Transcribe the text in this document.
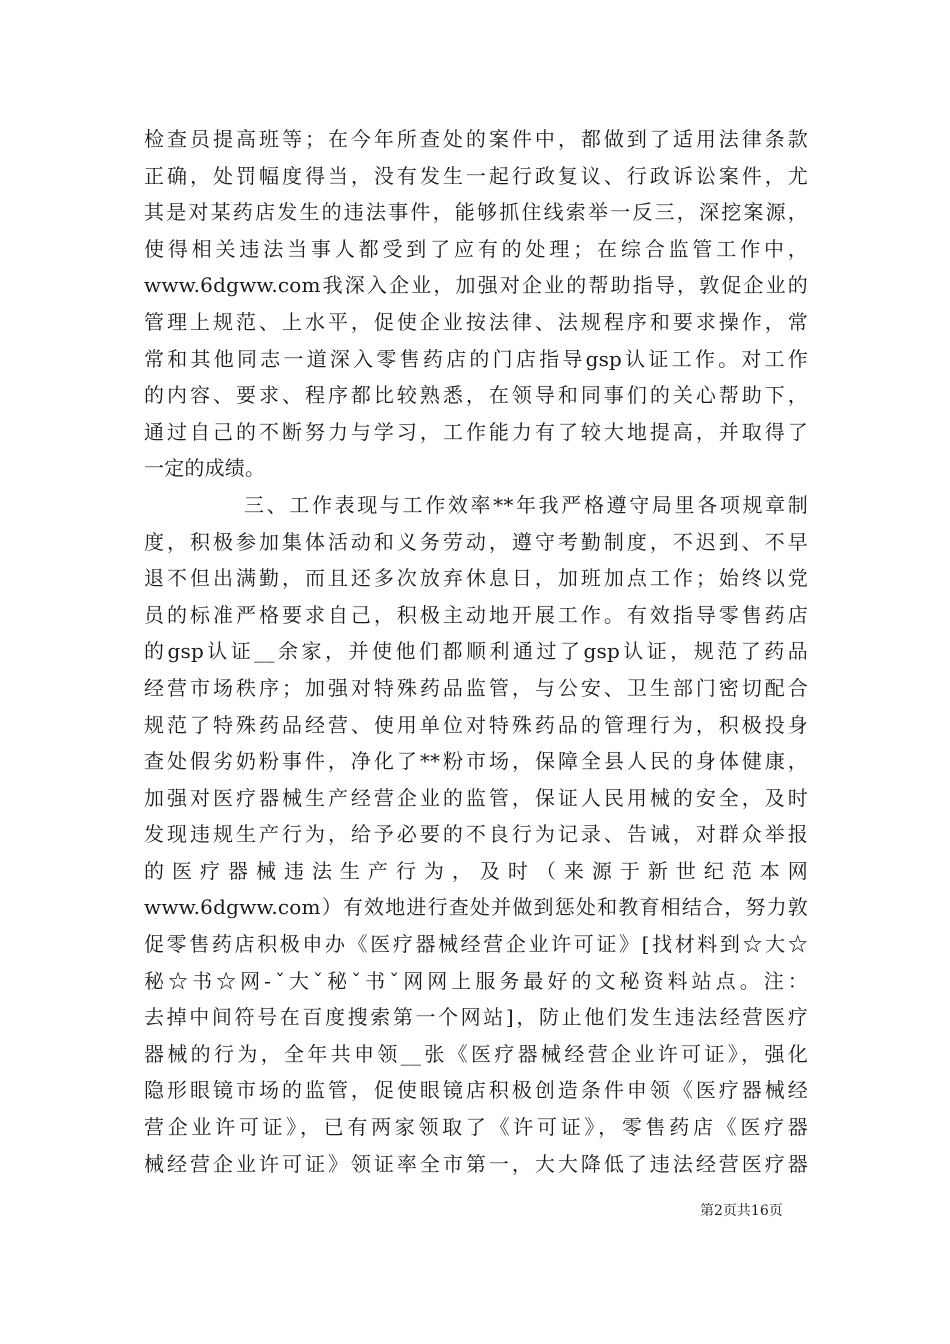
检查员提高班等；在今年所查处的案件中，都做到了适用法律条款
正确，处罚幅度得当，没有发生一起行政复议、行政诉讼案件，尤
其是对某药店发生的违法事件，能够抓住线索举一反三，深挖案源，
使得相关违法当事人都受到了应有的处理；在综合监管工作中，
www.6dgww.com我深入企业，加强对企业的帮助指导，敦促企业的
管理上规范、上水平，促使企业按法律、法规程序和要求操作，常
常和其他同志一道深入零售药店的门店指导gsp认证工作。对工作
的内容、要求、程序都比较熟悉，在领导和同事们的关心帮助下，
通过自己的不断努力与学习，工作能力有了较大地提高，并取得了
一定的成绩。
三、工作表现与工作效率**年我严格遵守局里各项规章制
度，积极参加集体活动和义务劳动，遵守考勤制度，不迟到、不早
退不但出满勤，而且还多次放弃休息日，加班加点工作；始终以党
员的标准严格要求自己，积极主动地开展工作。有效指导零售药店
的gsp认证__余家，并使他们都顺利通过了gsp认证，规范了药品
经营市场秩序；加强对特殊药品监管，与公安、卫生部门密切配合
规范了特殊药品经营、使用单位对特殊药品的管理行为，积极投身
查处假劣奶粉事件，净化了**粉市场，保障全县人民的身体健康，
加强对医疗器械生产经营企业的监管，保证人民用械的安全，及时
发现违规生产行为，给予必要的不良行为记录、告诫，对群众举报
的医疗器械违法生产行为，及时（来源于新世纪范本网
www.6dgww.com）有效地进行查处并做到惩处和教育相结合，努力敦
促零售药店积极申办《医疗器械经营企业许可证》[找材料到☆大☆
秘☆书☆网-ˇ大ˇ秘ˇ书ˇ网网上服务最好的文秘资料站点。注：
去掉中间符号在百度搜索第一个网站]，防止他们发生违法经营医疗
器械的行为，全年共申领__张《医疗器械经营企业许可证》，强化
隐形眼镜市场的监管，促使眼镜店积极创造条件申领《医疗器械经
营企业许可证》，已有两家领取了《许可证》，零售药店《医疗器
械经营企业许可证》领证率全市第一，大大降低了违法经营医疗器
第2页共16页
